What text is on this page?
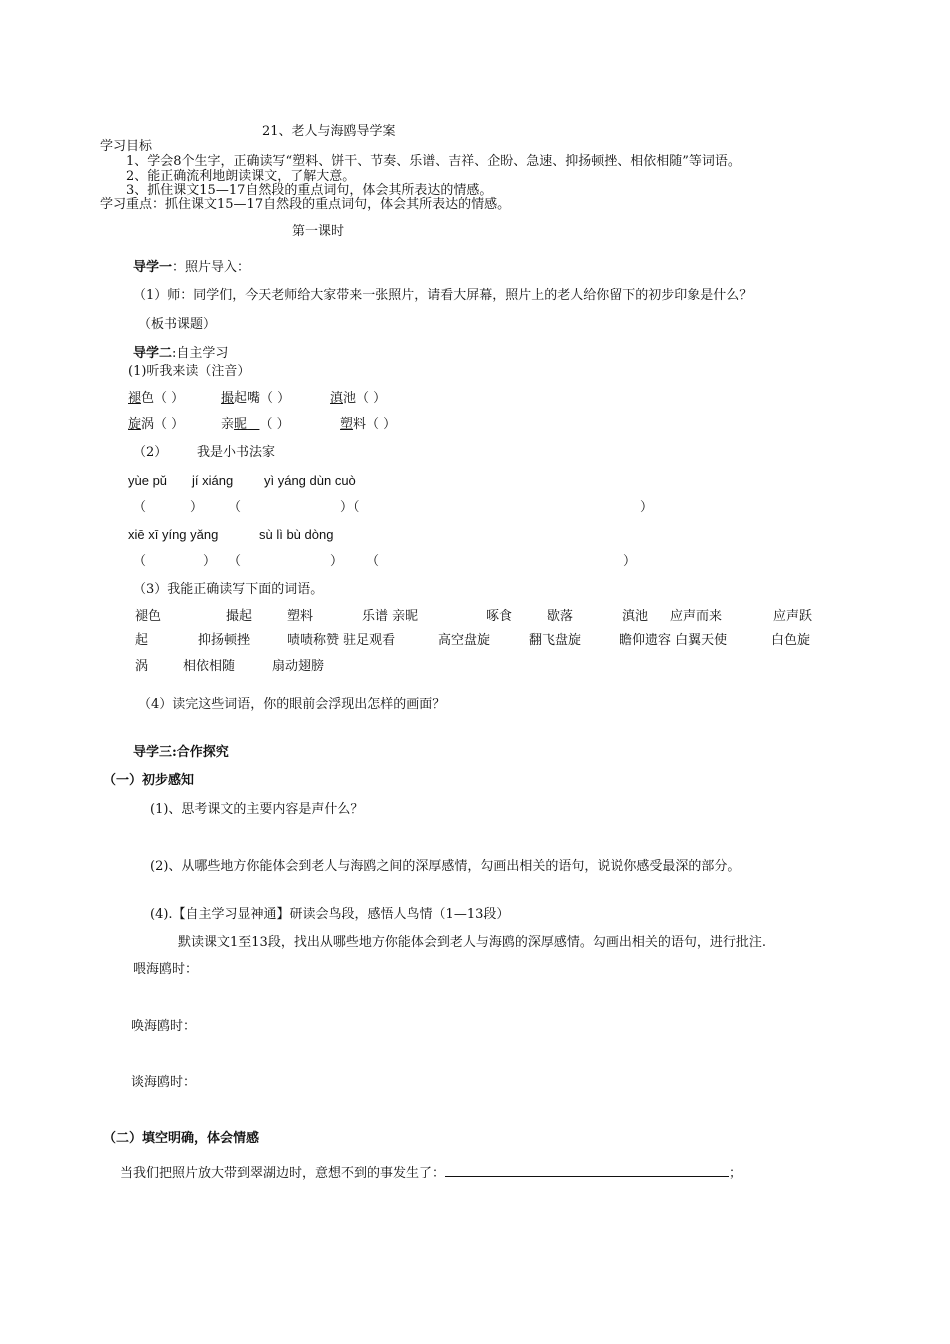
21、老人与海鸥导学案
学习目标
1、学会8个生字，正确读写“塑料、饼干、节奏、乐谱、吉祥、企盼、急速、抑扬顿挫、相依相随”等词语。
2、能正确流利地朗读课文，了解大意。
3、抓住课文15—17自然段的重点词句，体会其所表达的情感。
学习重点：抓住课文15—17自然段的重点词句，体会其所表达的情感。
第一课时
导学一：照片导入：
（1）师：同学们，今天老师给大家带来一张照片，请看大屏幕，照片上的老人给你留下的初步印象是什么？
（板书课题）
导学二:自主学习
(1)听我来读（注音）
褪色（ ）	撮起嘴（ ）	滇池（ ）
旋涡（ ）	亲昵 （ ）	塑料（ ）
（2） 我是小书法家
yùe pǔ jí xiáng yì yáng dùn cuò
（	） （	）（	）
xiē xī yíng yǎng	sù lì bù dòng
（	） （	） （	）
（3）我能正确读写下面的词语。
褪色	撮起	塑料	乐谱 亲昵	啄食	歇落	滇池 应声而来	应声跃
起	抑扬顿挫	啧啧称赞 驻足观看	高空盘旋	翻飞盘旋	瞻仰遗容 白翼天使	白色旋
涡	相依相随	扇动翅膀
（4）读完这些词语，你的眼前会浮现出怎样的画面？
导学三:合作探究
（一）初步感知
(1)、思考课文的主要内容是声什么？
(2)、从哪些地方你能体会到老人与海鸥之间的深厚感情，勾画出相关的语句，说说你感受最深的部分。
(4).【自主学习显神通】研读会鸟段，感悟人鸟情（1—13段）
默读课文1至13段，找出从哪些地方你能体会到老人与海鸥的深厚感情。勾画出相关的语句，进行批注.
喂海鸥时：
唤海鸥时：
谈海鸥时：
（二）填空明确，体会情感
当我们把照片放大带到翠湖边时，意想不到的事发生了：	；
